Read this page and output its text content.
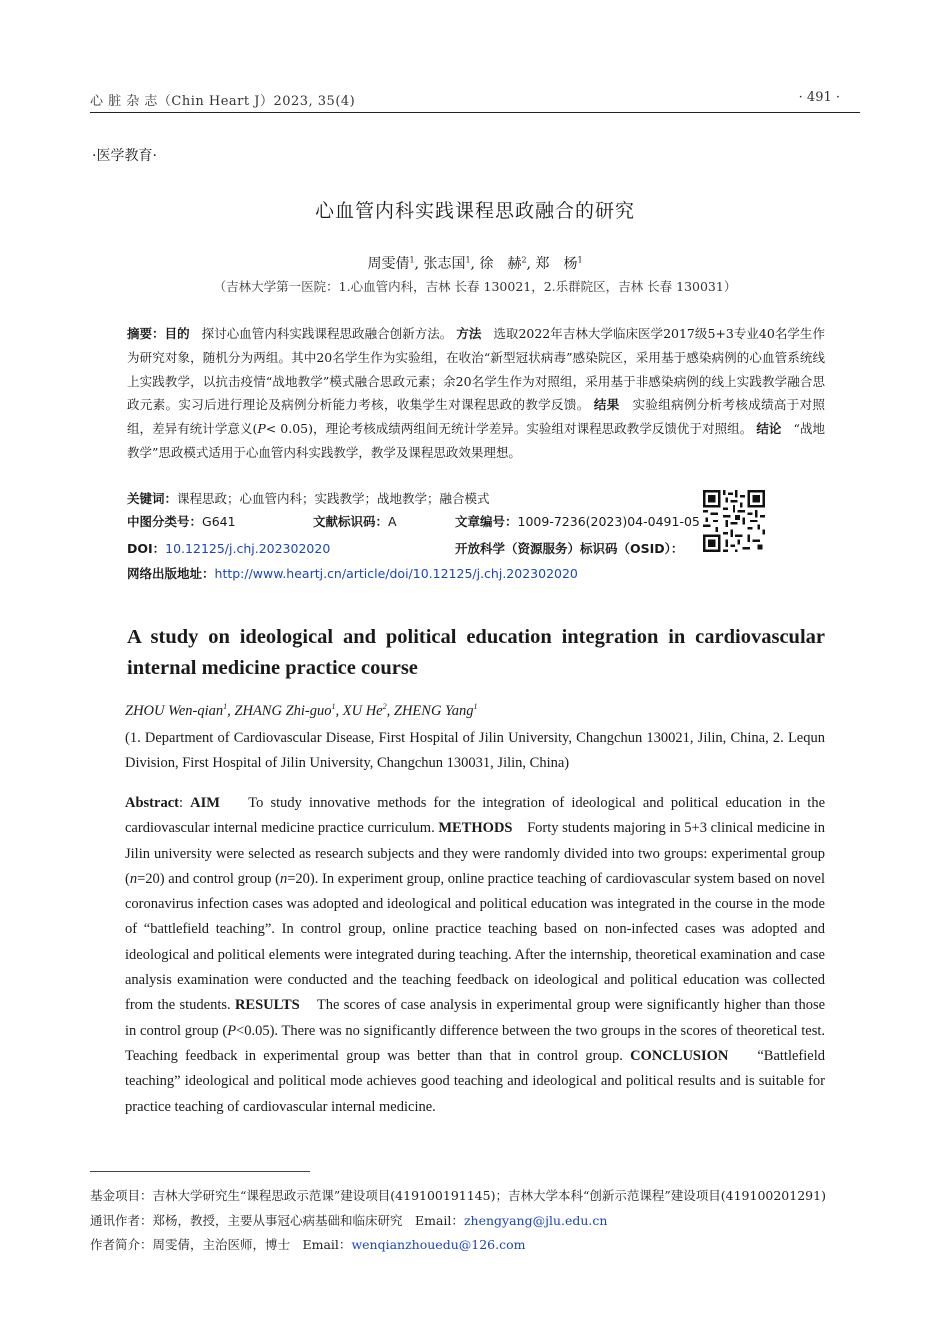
心 脏 杂 志（Chin Heart J）2023, 35(4)	· 491 ·
·医学教育·
心血管内科实践课程思政融合的研究
周雯倩$^1$, 张志国$^1$, 徐　赫$^2$, 郑　杨$^1$
（吉林大学第一医院：1.心血管内科，吉林 长春 130021，2.乐群院区，吉林 长春 130031）
摘要：目的 探讨心血管内科实践课程思政融合创新方法。 方法 选取2022年吉林大学临床医学2017级5+3专业40名学生作为研究对象，随机分为两组。其中20名学生作为实验组，在收治“新型冠状病毒”感染院区，采用基于感染病例的心血管系统线上实践教学，以抗击疫情“战地教学”模式融合思政元素；余20名学生作为对照组，采用基于非感染病例的线上实践教学融合思政元素。实习后进行理论及病例分析能力考核，收集学生对课程思政的教学反馈。 结果 实验组病例分析考核成绩高于对照组，差异有统计学意义(P< 0.05)，理论考核成绩两组间无统计学差异。实验组对课程思政教学反馈优于对照组。 结论 “战地教学”思政模式适用于心血管内科实践教学，教学及课程思政效果理想。
关键词：课程思政；心血管内科；实践教学；战地教学；融合模式
中图分类号：G641	文献标识码：A	文章编号：1009-7236(2023)04-0491-05
DOI：10.12125/j.chj.202302020	开放科学（资源服务）标识码（OSID）：
网络出版地址：http://www.heartj.cn/article/doi/10.12125/j.chj.202302020
A study on ideological and political education integration in cardiovascular internal medicine practice course
ZHOU Wen-qian$^1$, ZHANG Zhi-guo$^1$, XU He$^2$, ZHENG Yang$^1$
(1. Department of Cardiovascular Disease, First Hospital of Jilin University, Changchun 130021, Jilin, China, 2. Lequn Division, First Hospital of Jilin University, Changchun 130031, Jilin, China)
Abstract: AIM To study innovative methods for the integration of ideological and political education in the cardiovascular internal medicine practice curriculum. METHODS Forty students majoring in 5+3 clinical medicine in Jilin university were selected as research subjects and they were randomly divided into two groups: experimental group (n=20) and control group (n=20). In experiment group, online practice teaching of cardiovascular system based on novel coronavirus infection cases was adopted and ideological and political education was integrated in the course in the mode of “battlefield teaching”. In control group, online practice teaching based on non-infected cases was adopted and ideological and political elements were integrated during teaching. After the internship, theoretical examination and case analysis examination were conducted and the teaching feedback on ideological and political education was collected from the students. RESULTS The scores of case analysis in experimental group were significantly higher than those in control group (P<0.05). There was no significantly difference between the two groups in the scores of theoretical test. Teaching feedback in experimental group was better than that in control group. CONCLUSION “Battlefield teaching” ideological and political mode achieves good teaching and ideological and political results and is suitable for practice teaching of cardiovascular internal medicine.
基金项目：吉林大学研究生“课程思政示范课”建设项目(419100191145)；吉林大学本科“创新示范课程”建设项目(419100201291)
通讯作者：郑杨，教授，主要从事冠心病基础和临床研究　Email：zhengyang@jlu.edu.cn
作者简介：周雯倩，主治医师，博士　Email：wenqianzhouedu@126.com
